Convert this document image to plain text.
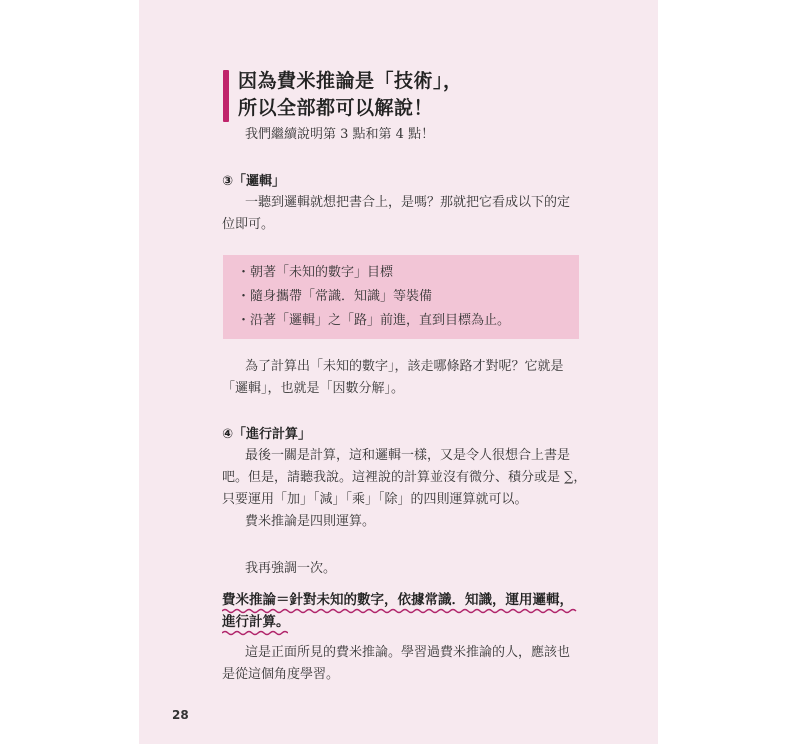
因為費米推論是「技術」，
所以全部都可以解說！
我們繼續說明第 3 點和第 4 點！
③「邏輯」
一聽到邏輯就想把書合上，是嗎？那就把它看成以下的定
位即可。
・朝著「未知的數字」目標
・隨身攜帶「常識．知識」等裝備
・沿著「邏輯」之「路」前進，直到目標為止。
為了計算出「未知的數字」，該走哪條路才對呢？它就是
「邏輯」，也就是「因數分解」。
④「進行計算」
最後一關是計算，這和邏輯一樣，又是令人很想合上書是
吧。但是，請聽我說。這裡說的計算並沒有微分、積分或是 ∑，
只要運用「加」「減」「乘」「除」的四則運算就可以。
費米推論是四則運算。
我再強調一次。
費米推論＝針對未知的數字，依據常識．知識，運用邏輯，
進行計算。
這是正面所見的費米推論。學習過費米推論的人，應該也
是從這個角度學習。
28
